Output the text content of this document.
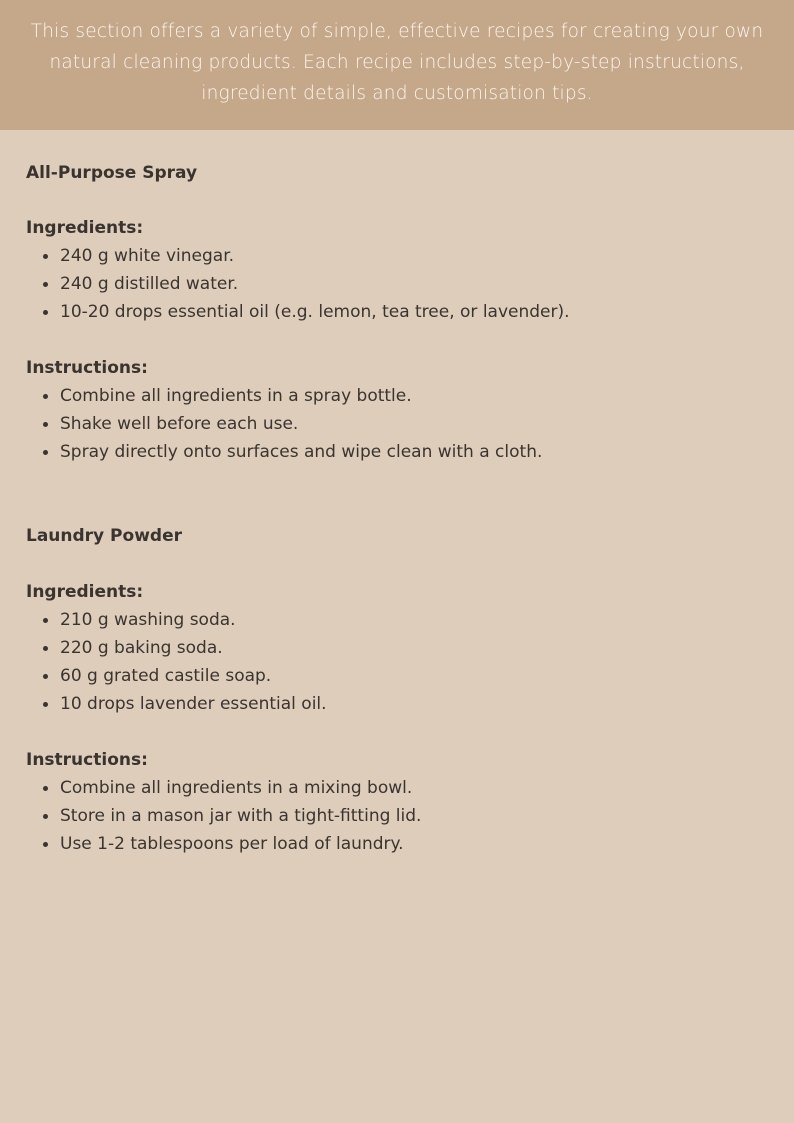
This section offers a variety of simple, effective recipes for creating your own natural cleaning products. Each recipe includes step-by-step instructions, ingredient details and customisation tips.

All-Purpose Spray

Ingredients:

240 g white vinegar.
240 g distilled water.
10-20 drops essential oil (e.g. lemon, tea tree, or lavender).

Instructions:

Combine all ingredients in a spray bottle.
Shake well before each use.
Spray directly onto surfaces and wipe clean with a cloth.

Laundry Powder

Ingredients:

210 g washing soda.
220 g baking soda.
60 g grated castile soap.
10 drops lavender essential oil.

Instructions:

Combine all ingredients in a mixing bowl.
Store in a mason jar with a tight-fitting lid.
Use 1-2 tablespoons per load of laundry.
